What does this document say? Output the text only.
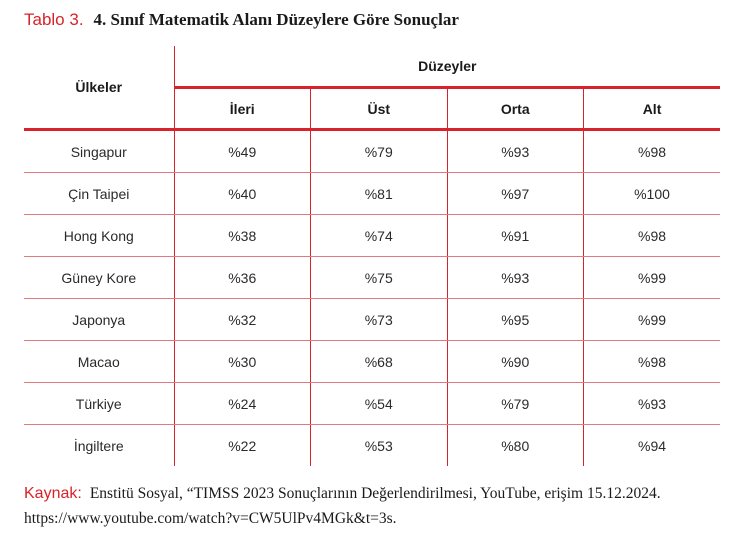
Tablo 3. 4. Sınıf Matematik Alanı Düzeylere Göre Sonuçlar
Ülkeler	Düzeyler			
	İleri	Üst	Orta	Alt
Singapur	%49	%79	%93	%98
Çin Taipei	%40	%81	%97	%100
Hong Kong	%38	%74	%91	%98
Güney Kore	%36	%75	%93	%99
Japonya	%32	%73	%95	%99
Macao	%30	%68	%90	%98
Türkiye	%24	%54	%79	%93
İngiltere	%22	%53	%80	%94
Kaynak: Enstitü Sosyal, “TIMSS 2023 Sonuçlarının Değerlendirilmesi, YouTube, erişim 15.12.2024. https://www.youtube.com/watch?v=CW5UlPv4MGk&t=3s.
